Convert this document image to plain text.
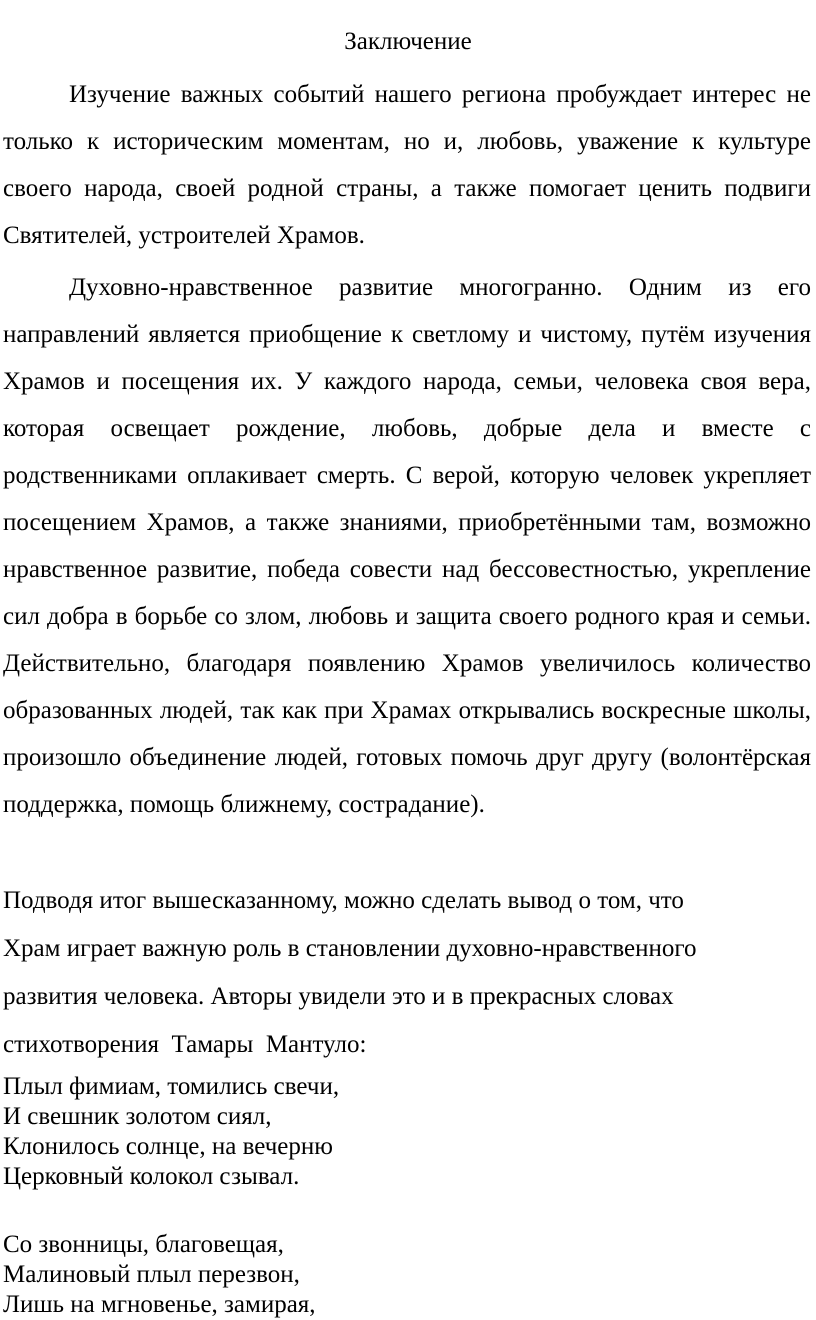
Заключение

Изучение важных событий нашего региона пробуждает интерес не только к историческим моментам, но и, любовь, уважение к культуре своего народа, своей родной страны, а также помогает ценить подвиги Святителей, устроителей Храмов.

Духовно-нравственное развитие многогранно. Одним из его направлений является приобщение к светлому и чистому, путём изучения Храмов и посещения их. У каждого народа, семьи, человека своя вера, которая освещает рождение, любовь, добрые дела и вместе с родственниками оплакивает смерть. С верой, которую человек укрепляет посещением Храмов, а также знаниями, приобретёнными там, возможно нравственное развитие, победа совести над бессовестностью, укрепление сил добра в борьбе со злом, любовь и защита своего родного края и семьи. Действительно, благодаря появлению Храмов увеличилось количество образованных людей, так как при Храмах открывались воскресные школы, произошло объединение людей, готовых помочь друг другу (волонтёрская поддержка, помощь ближнему, сострадание).

Подводя итог вышесказанному, можно сделать вывод о том, что
Храм играет важную роль в становлении духовно-нравственного
развития человека. Авторы увидели это и в прекрасных словах
стихотворения  Тамары  Мантуло:
Плыл фимиам, томились свечи,
И свешник золотом сиял,
Клонилось солнце, на вечерню
Церковный колокол сзывал.
Со звонницы, благовещая,
Малиновый плыл перезвон,
Лишь на мгновенье, замирая,
